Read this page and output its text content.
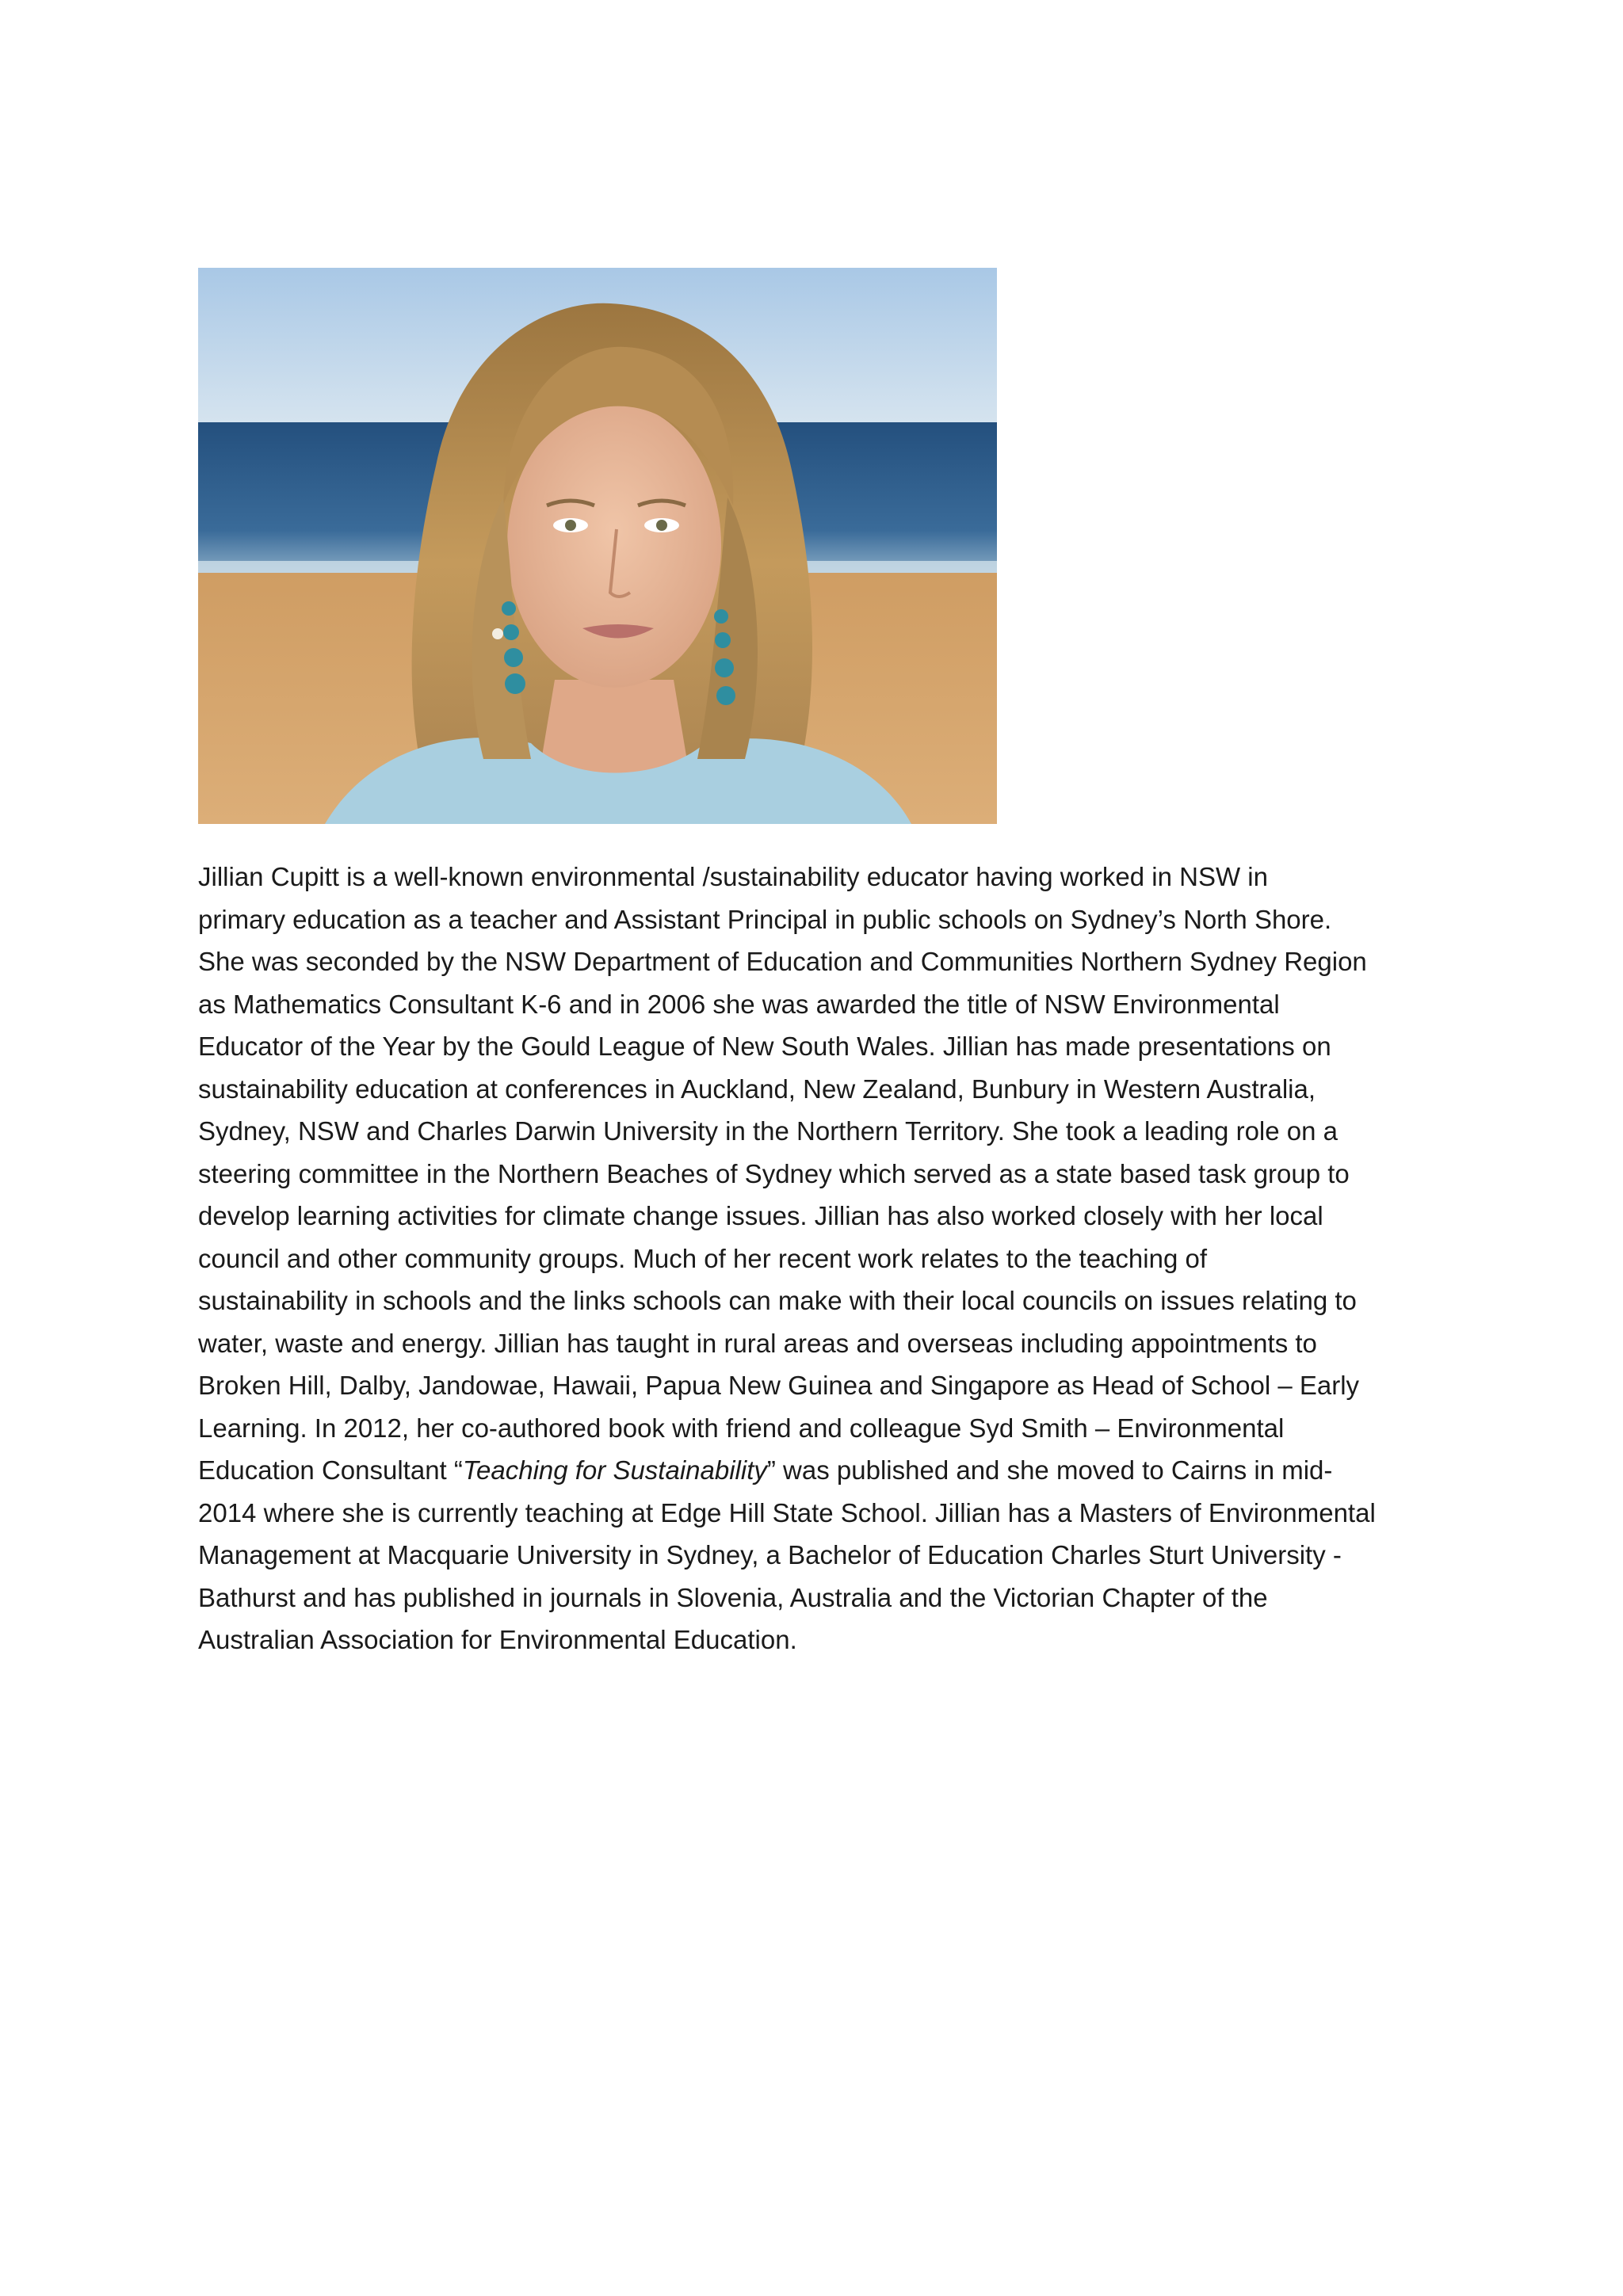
Jillian Cupitt is a well-known environmental /sustainability educator having worked in NSW in
primary education as a teacher and Assistant Principal in public schools on Sydney’s North Shore.
She was seconded by the NSW Department of Education and Communities Northern Sydney Region
as Mathematics Consultant K-6 and in 2006 she was awarded the title of NSW Environmental
Educator of the Year by the Gould League of New South Wales. Jillian has made presentations on
sustainability education at conferences in Auckland, New Zealand, Bunbury in Western Australia,
Sydney, NSW and Charles Darwin University in the Northern Territory. She took a leading role on a
steering committee in the Northern Beaches of Sydney which served as a state based task group to
develop learning activities for climate change issues. Jillian has also worked closely with her local
council and other community groups. Much of her recent work relates to the teaching of
sustainability in schools and the links schools can make with their local councils on issues relating to
water, waste and energy. Jillian has taught in rural areas and overseas including appointments to
Broken Hill, Dalby, Jandowae, Hawaii, Papua New Guinea and Singapore as Head of School – Early
Learning. In 2012, her co-authored book with friend and colleague Syd Smith – Environmental
Education Consultant “Teaching for Sustainability” was published and she moved to Cairns in mid-
2014 where she is currently teaching at Edge Hill State School. Jillian has a Masters of Environmental
Management at Macquarie University in Sydney, a Bachelor of Education Charles Sturt University -
Bathurst and has published in journals in Slovenia, Australia and the Victorian Chapter of the
Australian Association for Environmental Education.
